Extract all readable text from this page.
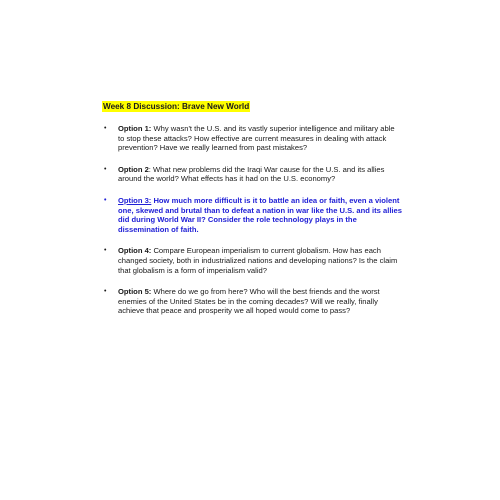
Week 8 Discussion: Brave New World

• Option 1: Why wasn't the U.S. and its vastly superior intelligence and military able to stop these attacks? How effective are current measures in dealing with attack prevention? Have we really learned from past mistakes?
• Option 2: What new problems did the Iraqi War cause for the U.S. and its allies around the world? What effects has it had on the U.S. economy?
• Option 3: How much more difficult is it to battle an idea or faith, even a violent one, skewed and brutal than to defeat a nation in war like the U.S. and its allies did during World War II? Consider the role technology plays in the dissemination of faith.
• Option 4: Compare European imperialism to current globalism. How has each changed society, both in industrialized nations and developing nations? Is the claim that globalism is a form of imperialism valid?
• Option 5: Where do we go from here? Who will the best friends and the worst enemies of the United States be in the coming decades? Will we really, finally achieve that peace and prosperity we all hoped would come to pass?
